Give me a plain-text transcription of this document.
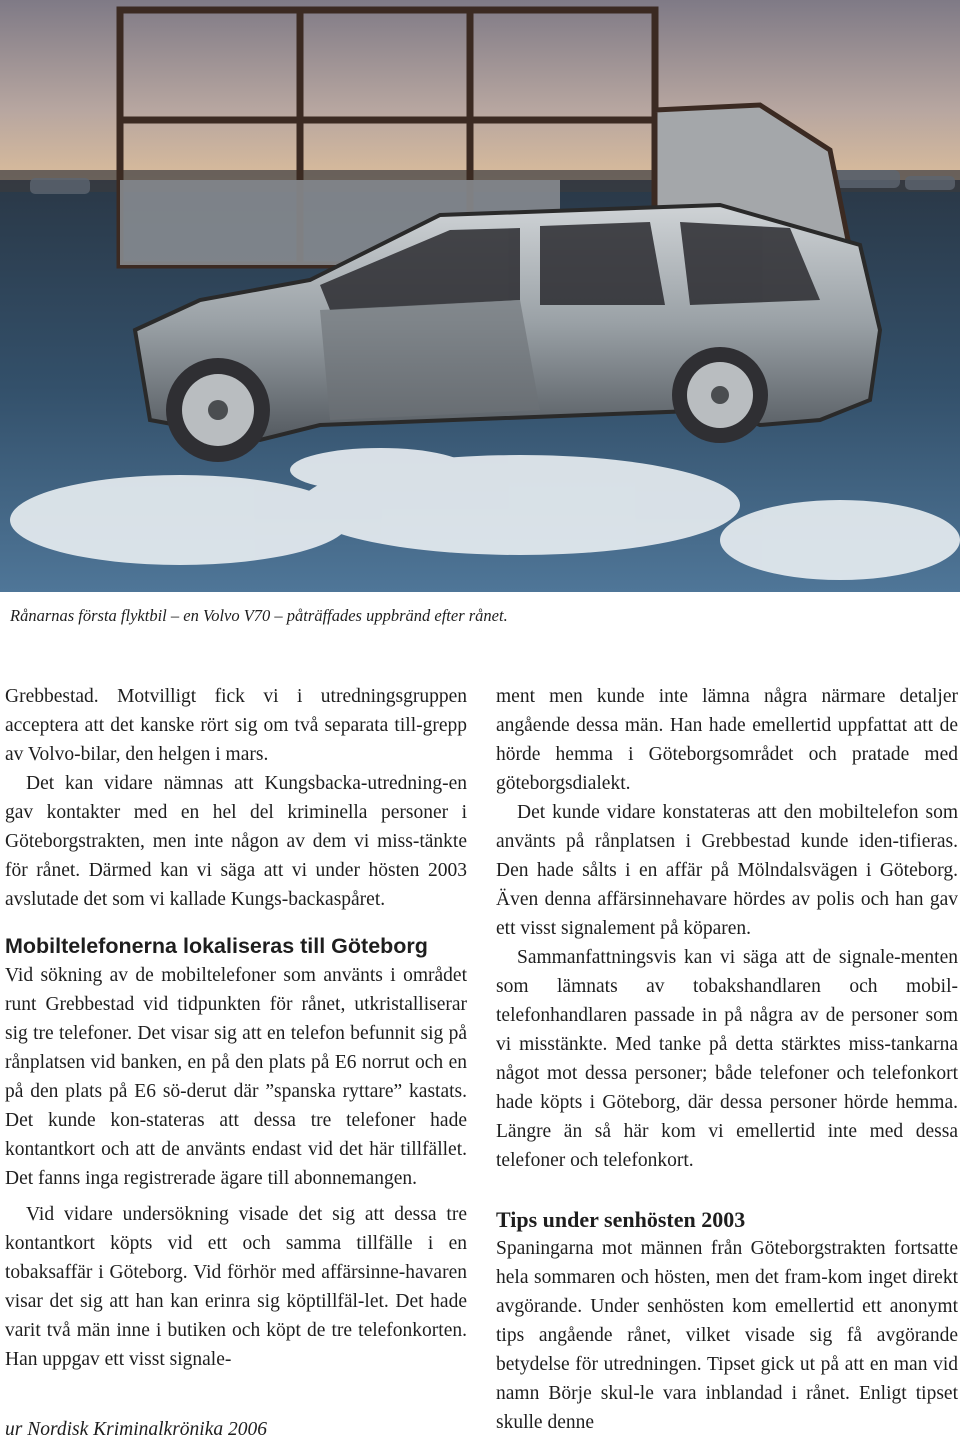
Rånarnas första flyktbil – en Volvo V70 – påträffades uppbränd efter rånet.

Grebbestad. Motvilligt fick vi i utredningsgruppen acceptera att det kanske rört sig om två separata till-grepp av Volvo-bilar, den helgen i mars.

Det kan vidare nämnas att Kungsbacka-utredning-en gav kontakter med en hel del kriminella personer i Göteborgstrakten, men inte någon av dem vi miss-tänkte för rånet. Därmed kan vi säga att vi under hösten 2003 avslutade det som vi kallade Kungs-backaspåret.

Mobiltelefonerna lokaliseras till Göteborg

Vid sökning av de mobiltelefoner som använts i området runt Grebbestad vid tidpunkten för rånet, utkristalliserar sig tre telefoner. Det visar sig att en telefon befunnit sig på rånplatsen vid banken, en på den plats på E6 norrut och en på den plats på E6 sö-derut där ”spanska ryttare” kastats. Det kunde kon-stateras att dessa tre telefoner hade kontantkort och att de använts endast vid det här tillfället. Det fanns inga registrerade ägare till abonnemangen.

Vid vidare undersökning visade det sig att dessa tre kontantkort köpts vid ett och samma tillfälle i en tobaksaffär i Göteborg. Vid förhör med affärsinne-havaren visar det sig att han kan erinra sig köptillfäl-let. Det hade varit två män inne i butiken och köpt de tre telefonkorten. Han uppgav ett visst signale-

ment men kunde inte lämna några närmare detaljer angående dessa män. Han hade emellertid uppfattat att de hörde hemma i Göteborgsområdet och pratade med göteborgsdialekt.

Det kunde vidare konstateras att den mobiltelefon som använts på rånplatsen i Grebbestad kunde iden-tifieras. Den hade sålts i en affär på Mölndalsvägen i Göteborg. Även denna affärsinnehavare hördes av polis och han gav ett visst signalement på köparen.

Sammanfattningsvis kan vi säga att de signale-menten som lämnats av tobakshandlaren och mobil-telefonhandlaren passade in på några av de personer som vi misstänkte. Med tanke på detta stärktes miss-tankarna något mot dessa personer; både telefoner och telefonkort hade köpts i Göteborg, där dessa personer hörde hemma. Längre än så här kom vi emellertid inte med dessa telefoner och telefonkort.

Tips under senhösten 2003

Spaningarna mot männen från Göteborgstrakten fortsatte hela sommaren och hösten, men det fram-kom inget direkt avgörande. Under senhösten kom emellertid ett anonymt tips angående rånet, vilket visade sig få avgörande betydelse för utredningen. Tipset gick ut på att en man vid namn Börje skul-le vara inblandad i rånet. Enligt tipset skulle denne

ur Nordisk Kriminalkrönika 2006
